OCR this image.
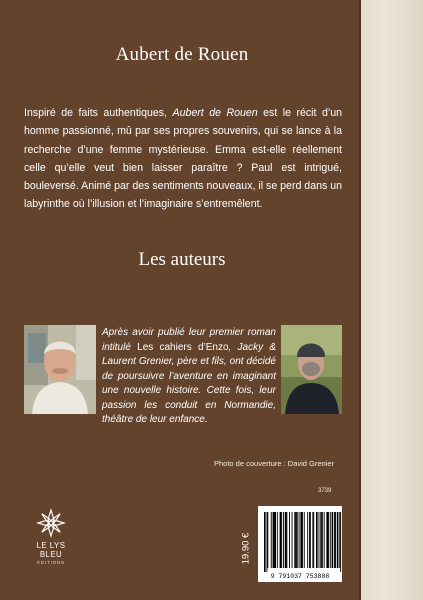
Aubert de Rouen
Inspiré de faits authentiques, Aubert de Rouen est le récit d’un homme passionné, mû par ses propres souvenirs, qui se lance à la recherche d’une femme mystérieuse. Emma est-elle réellement celle qu’elle veut bien laisser paraître ? Paul est intrigué, bouleversé. Animé par des sentiments nouveaux, il se perd dans un labyrinthe où l’illusion et l’imaginaire s’entremêlent.
Les auteurs
Après avoir publié leur premier roman intitulé Les cahiers d’Enzo, Jacky & Laurent Grenier, père et fils, ont décidé de poursuivre l’aventure en imaginant une nouvelle histoire. Cette fois, leur passion les conduit en Normandie, théâtre de leur enfance.
Photo de couverture : David Grenier
LE LYS BLEU
ÉDITIONS
3739
19.90 €
9 791037 753888
